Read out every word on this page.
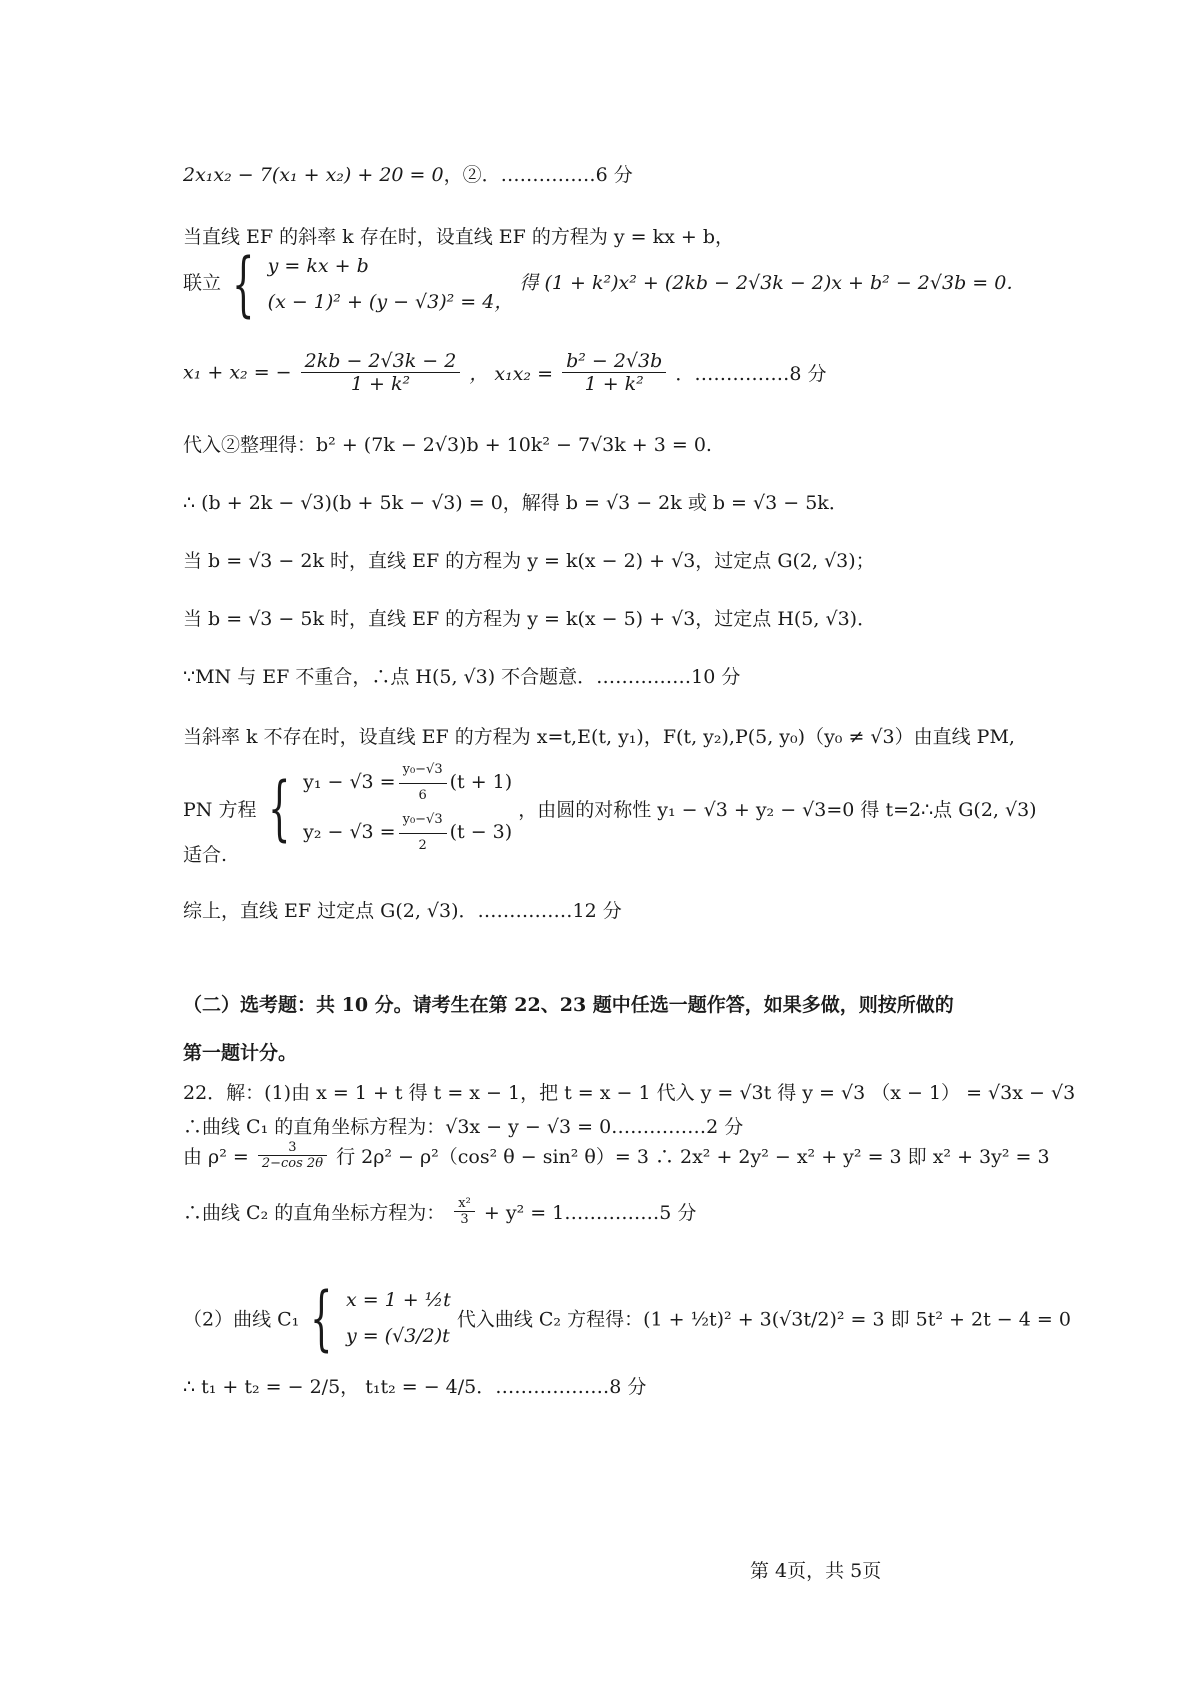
2x₁x₂ − 7(x₁ + x₂) + 20 = 0，②．……………6 分
当直线 EF 的斜率 k 存在时，设直线 EF 的方程为 y = kx + b，
联立 { y = kx + b
(x − 1)² + (y − √3)² = 4，
得 (1 + k²)x² + (2kb − 2√3k − 2)x + b² − 2√3b = 0．
x₁ + x₂ = − $\frac{2kb - 2√3k - 2}{\text{1 + k²}}$ ， $x_1x_2 = \frac{\text{b² − 2√3b}}{\text{1 + k²}}$ ．……………8 分
代入②整理得：b² + (7k − 2√3)b + 10k² − 7√3k + 3 = 0.
∴ (b + 2k − √3)(b + 5k − √3) = 0，解得 b = √3 − 2k 或 b = √3 − 5k．
当 b = √3 − 2k 时，直线 EF 的方程为 y = k(x − 2) + √3，过定点 G(2, √3)；
当 b = √3 − 5k 时，直线 EF 的方程为 y = k(x − 5) + √3，过定点 H(5, √3)．
∵MN 与 EF 不重合，∴点 H(5, √3) 不合题意．……………10 分
当斜率 k 不存在时，设直线 EF 的方程为 x=t,E(t, y₁)，F(t, y₂),P(5, y₀)（y₀ ≠ √3）由直线 PM,
PN 方程 { $y_1 - √3 = \frac{\text{y₀−√3}}{6} (t + 1)$
$y_2 - √3 = \frac{\text{y₀−√3}}{2} (t - 3)$
，由圆的对称性 y₁ − √3 + y₂ − √3=0 得 t=2∴点 G(2, √3)
适合.
综上，直线 EF 过定点 G(2, √3)．……………12 分
（二）选考题：共 10 分。请考生在第 22、23 题中任选一题作答，如果多做，则按所做的
第一题计分。
22．解：(1)由 x = 1 + t 得 t = x − 1，把 t = x − 1 代入 y = √3t 得 y = √3 （x − 1） = √3x − √3
∴曲线 C₁ 的直角坐标方程为：√3x − y − √3 = 0……………2 分
由 $\rho^2 = \frac{3}{2-\cos 2\theta}$ 行 2ρ² − ρ²（cos² θ − sin² θ）= 3 ∴ 2x² + 2y² − x² + y² = 3 即 x² + 3y² = 3
∴曲线 C₂ 的直角坐标方程为： $\frac{\text{x²}}{3} + y^2$ = 1……………5 分
（2）曲线 C₁ { x = 1 + ½t
y = (√3/2)t
代入曲线 C₂ 方程得：(1 + ½t)² + 3(√3t/2)² = 3 即 5t² + 2t − 4 = 0
∴ t₁ + t₂ = − 2/5， t₁t₂ = − 4/5．………………8 分
第 4页，共 5页
